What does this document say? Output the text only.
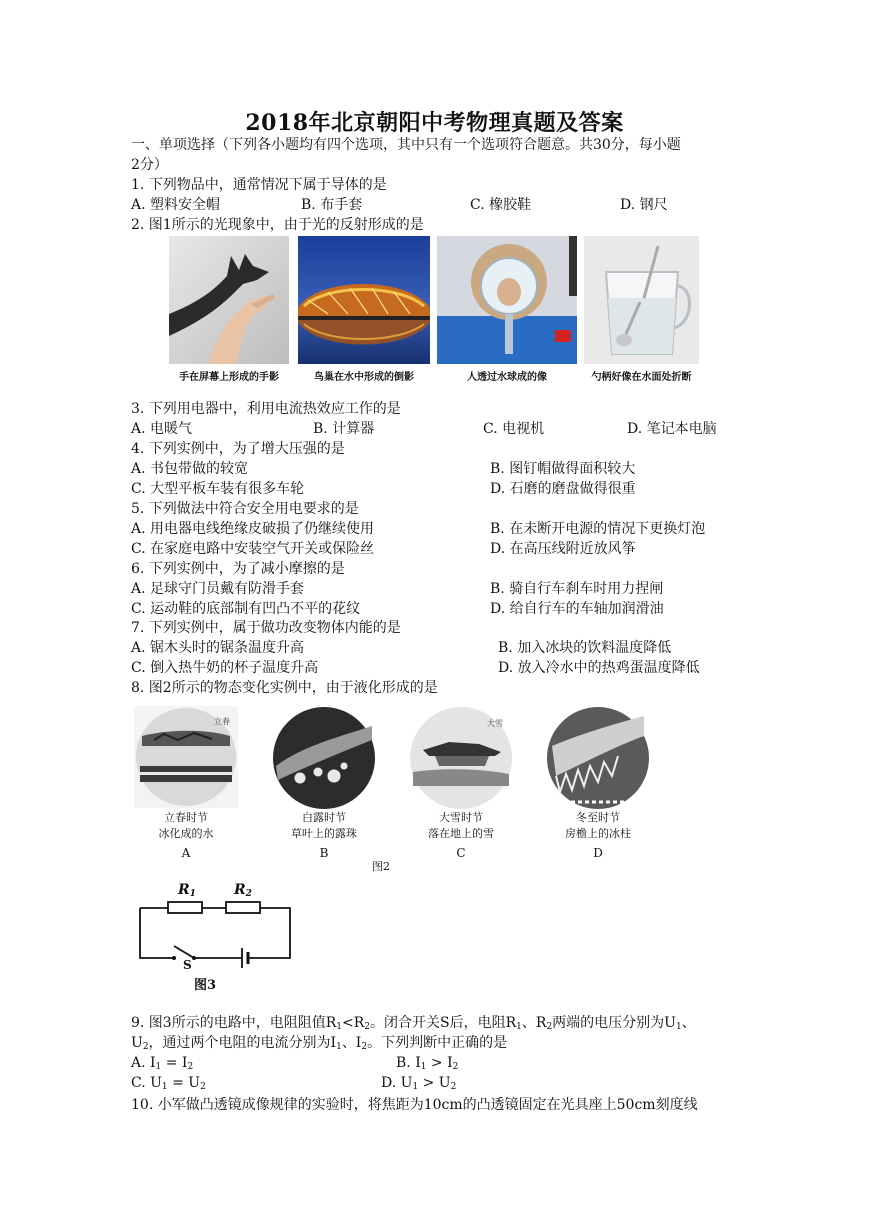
2018年北京朝阳中考物理真题及答案
一、单项选择（下列各小题均有四个选项，其中只有一个选项符合题意。共30分，每小题
2分）
1. 下列物品中，通常情况下属于导体的是
A. 塑料安全帽	B. 布手套	C. 橡胶鞋	D. 钢尺
2. 图1所示的光现象中，由于光的反射形成的是
手在屏幕上形成的手影	鸟巢在水中形成的倒影	人透过水球成的像	勺柄好像在水面处折断
3. 下列用电器中，利用电流热效应工作的是
A. 电暖气	B. 计算器	C. 电视机	D. 笔记本电脑
4. 下列实例中，为了增大压强的是
A. 书包带做的较宽	B. 图钉帽做得面积较大
C. 大型平板车装有很多车轮	D. 石磨的磨盘做得很重
5. 下列做法中符合安全用电要求的是
A. 用电器电线绝缘皮破损了仍继续使用	B. 在未断开电源的情况下更换灯泡
C. 在家庭电路中安装空气开关或保险丝	D. 在高压线附近放风筝
6. 下列实例中，为了减小摩擦的是
A. 足球守门员戴有防滑手套	B. 骑自行车刹车时用力捏闸
C. 运动鞋的底部制有凹凸不平的花纹	D. 给自行车的车轴加润滑油
7. 下列实例中，属于做功改变物体内能的是
A. 锯木头时的锯条温度升高	B. 加入冰块的饮料温度降低
C. 倒入热牛奶的杯子温度升高	D. 放入冷水中的热鸡蛋温度降低
8. 图2所示的物态变化实例中，由于液化形成的是
立春	大雪
立春时节
冰化成的水
白露时节
草叶上的露珠
大雪时节
落在地上的雪
冬至时节
房檐上的冰柱
A	B	C	D
图2
$R_1$	$R_2$
S
图3
9. 图3所示的电路中，电阻阻值$R_1<R_2$。闭合开关S后，电阻$R_1$、$R_2$两端的电压分别为$U_1$、
$U_2$，通过两个电阻的电流分别为$I_1$、$I_2$。下列判断中正确的是
A. $I_1 = I_2$	B. $I_1 > I_2$
C. $U_1 = U_2$	D. $U_1 > U_2$
10. 小军做凸透镜成像规律的实验时，将焦距为10cm的凸透镜固定在光具座上50cm刻度线
